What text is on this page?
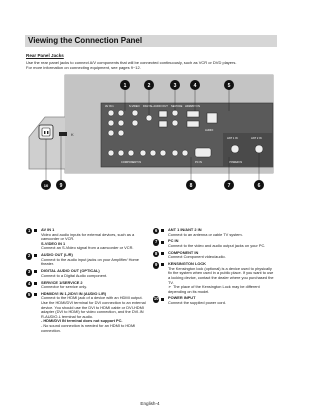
Viewing the Connection Panel
Rear Panel Jacks
Use the rear panel jacks to connect A/V components that will be connected continuously, such as VCR or DVD players.
For more information on connecting equipment, see pages 9~12.
K
AV IN 1	S-VIDEO DIGITAL AUDIO OUT SERVICE HDMI/DVI IN
AUDIO
COMPONENT IN	PC IN
ANT 1 IN	ANT 2 IN
POWER IN
1	2	3	4	5
10 9	8	7	6
1	AV IN 1
Video and audio inputs for external devices, such as a camcorder or VCR.
S-VIDEO IN 1
Connect an S-Video signal from a camcorder or VCR.
2	AUDIO OUT (L/R)
Connect to the audio input jacks on your Amplifier/ Home theater.
3	DIGITAL AUDIO OUT (OPTICAL)
Connect to a Digital Audio component.
4	SERVICE 1/SERVICE 2
Connector for service only.
5	HDMI/DVI IN 1,2/DVI IN (AUDIO L/R)
Connect to the HDMI jack of a device with an HDMI output. Use the HDMI/DVI terminal for DVI connection to an external device. You should use the DVI to HDMI cable or DVI-HDMI adapter (DVI to HDMI) for video connection, and the DVI-IN R-AUDIO-L terminal for audio.
- HDMI/DVI IN terminal does not support PC.
- No sound connection is needed for an HDMI to HDMI connection.
6	ANT 1 IN/ANT 2 IN
Connect to an antenna or cable TV system.
7	PC IN
Connect to the video and audio output jacks on your PC.
8	COMPONENT IN
Connect Component video/audio.
9	KENSINGTON LOCK
The Kensington lock (optional) is a device used to physically fix the system when used in a public place. If you want to use a locking device, contact the dealer where you purchased the TV.
➢ The place of the Kensington Lock may be different depending on its model.
10 POWER INPUT
Connect the supplied power cord.
English-4
